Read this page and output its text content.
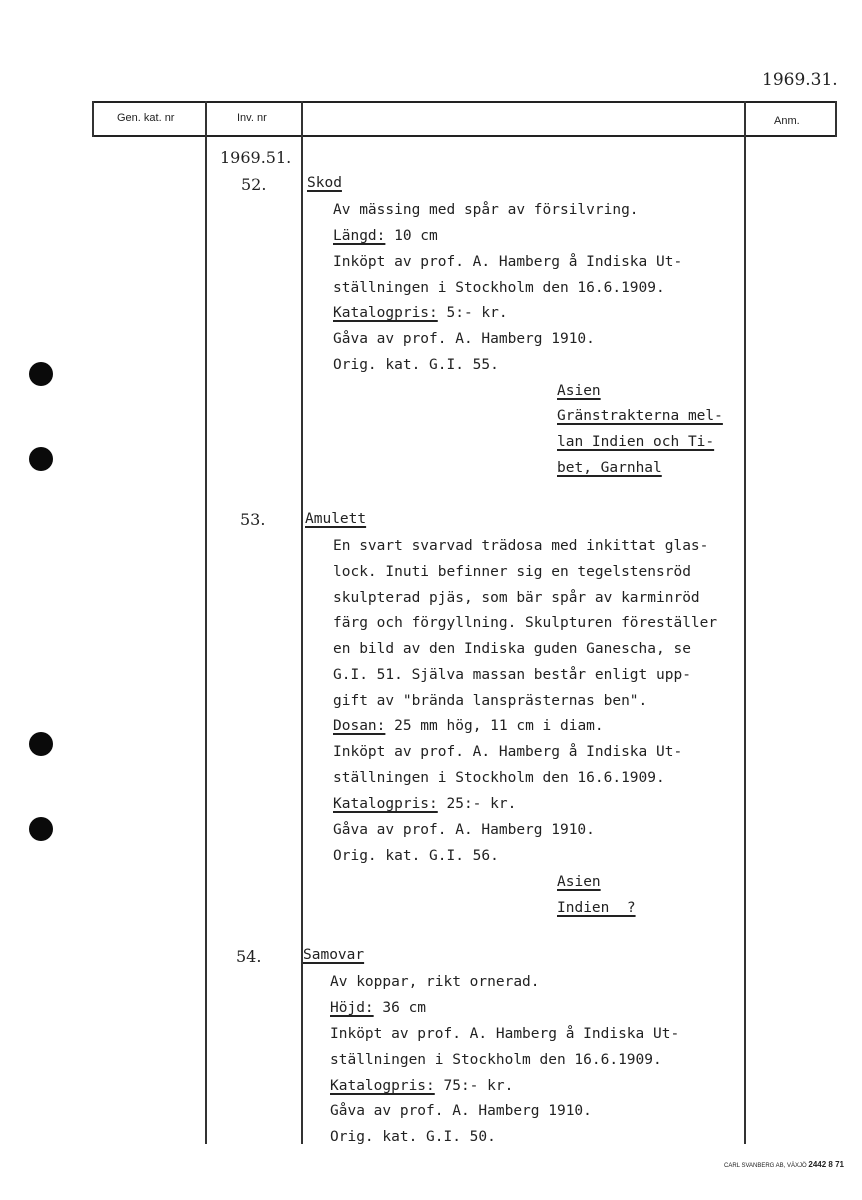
1969.31.
Gen. kat. nr	Inv. nr	Anm.
1969.51.
52.
53.
54.
Skod
Av mässing med spår av försilvring.
Längd: 10 cm
Inköpt av prof. A. Hamberg å Indiska Ut-
ställningen i Stockholm den 16.6.1909.
Katalogpris: 5:- kr.
Gåva av prof. A. Hamberg 1910.
Orig. kat. G.I. 55.
Asien
Gränstrakterna mel-
lan Indien och Ti-
bet, Garnhal
Amulett
En svart svarvad trädosa med inkittat glas-
lock. Inuti befinner sig en tegelstensröd
skulpterad pjäs, som bär spår av karminröd
färg och förgyllning. Skulpturen föreställer
en bild av den Indiska guden Ganescha, se
G.I. 51. Själva massan består enligt upp-
gift av "brända lansprästernas ben".
Dosan: 25 mm hög, 11 cm i diam.
Inköpt av prof. A. Hamberg å Indiska Ut-
ställningen i Stockholm den 16.6.1909.
Katalogpris: 25:- kr.
Gåva av prof. A. Hamberg 1910.
Orig. kat. G.I. 56.
Asien
Indien  ?
Samovar
Av koppar, rikt ornerad.
Höjd: 36 cm
Inköpt av prof. A. Hamberg å Indiska Ut-
ställningen i Stockholm den 16.6.1909.
Katalogpris: 75:- kr.
Gåva av prof. A. Hamberg 1910.
Orig. kat. G.I. 50.
CARL SVANBERG AB, VÄXJÖ 2442 8 71
